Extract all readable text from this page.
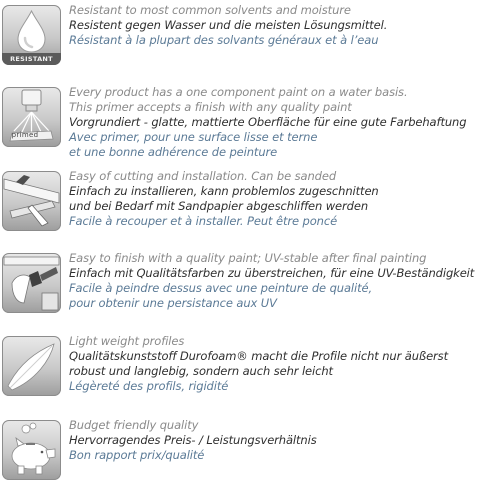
RESISTANT
Resistant to most common solvents and moisture
Resistent gegen Wasser und die meisten Lösungsmittel.
Résistant à la plupart des solvants généraux et à l’eau
primed
Every product has a one component paint on a water basis.
This primer accepts a finish with any quality paint
Vorgrundiert - glatte, mattierte Oberfläche für eine gute Farbehaftung
Avec primer, pour une surface lisse et terne
et une bonne adhérence de peinture
Easy of cutting and installation. Can be sanded
Einfach zu installieren, kann problemlos zugeschnitten
und bei Bedarf mit Sandpapier abgeschliffen werden
Facile à recouper et à installer. Peut être poncé
Easy to finish with a quality paint; UV-stable after final painting
Einfach mit Qualitätsfarben zu überstreichen, für eine UV-Beständigkeit
Facile à peindre dessus avec une peinture de qualité,
pour obtenir une persistance aux UV
Light weight profiles
Qualitätskunststoff Durofoam® macht die Profile nicht nur äußerst
robust und langlebig, sondern auch sehr leicht
Légèreté des profils, rigidité
Budget friendly quality
Hervorragendes Preis- / Leistungsverhältnis
Bon rapport prix/qualité
